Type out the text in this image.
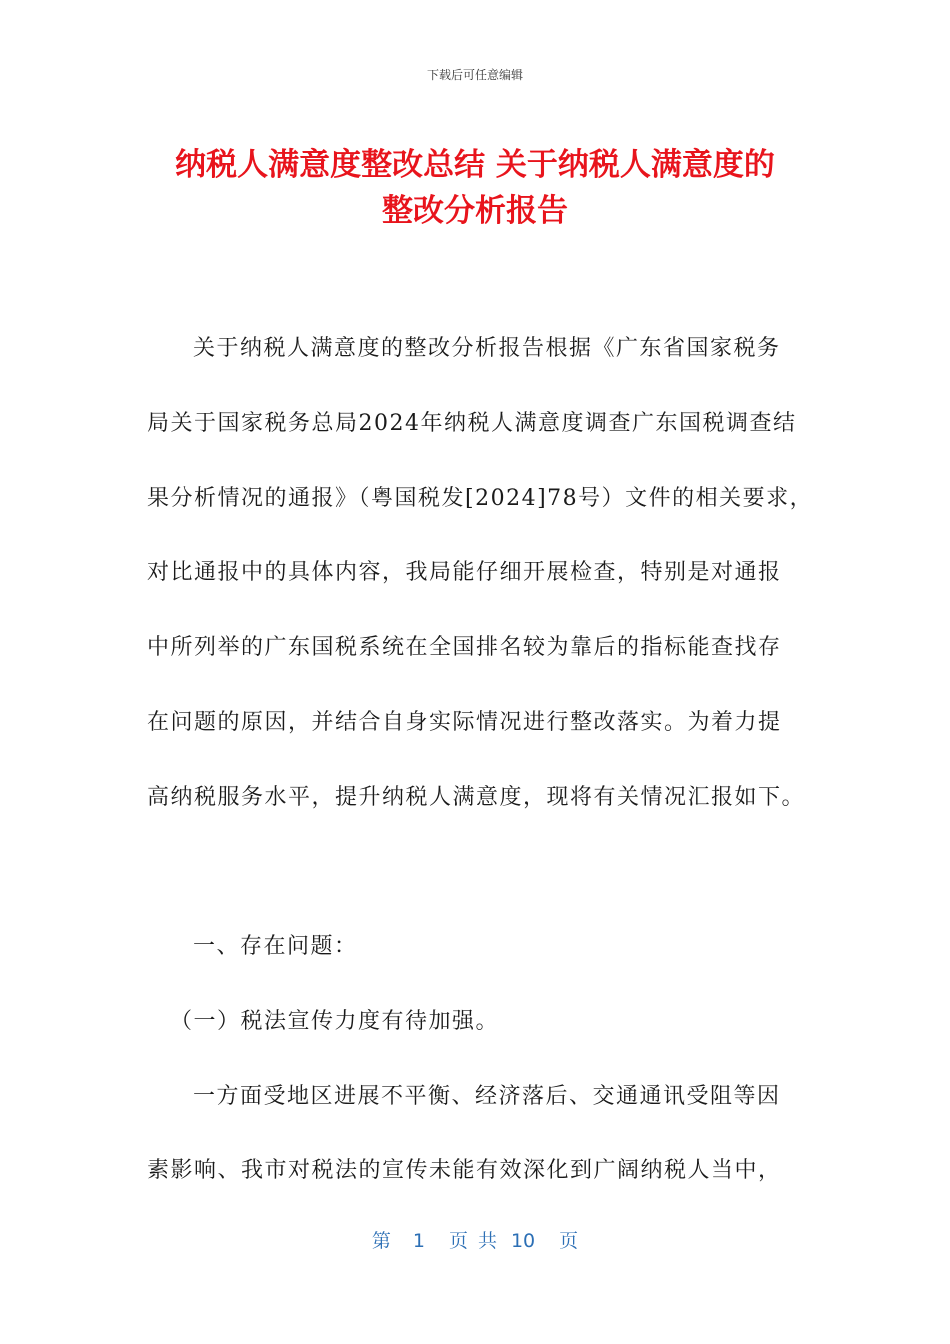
下载后可任意编辑
纳税人满意度整改总结 关于纳税人满意度的
整改分析报告
关于纳税人满意度的整改分析报告根据《广东省国家税务
局关于国家税务总局2024年纳税人满意度调查广东国税调查结
果分析情况的通报》（粤国税发[2024]78号）文件的相关要求，
对比通报中的具体内容，我局能仔细开展检查，特别是对通报
中所列举的广东国税系统在全国排名较为靠后的指标能查找存
在问题的原因，并结合自身实际情况进行整改落实。为着力提
高纳税服务水平，提升纳税人满意度，现将有关情况汇报如下。
一、存在问题：
（一）税法宣传力度有待加强。
一方面受地区进展不平衡、经济落后、交通通讯受阻等因
素影响、我市对税法的宣传未能有效深化到广阔纳税人当中，
第 1 页 共 10 页
